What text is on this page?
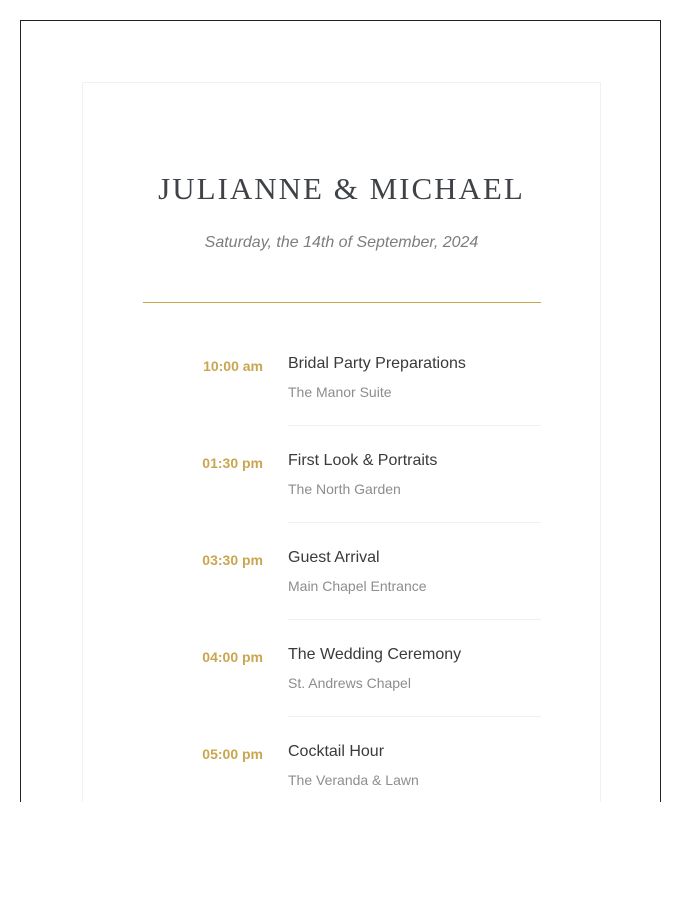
JULIANNE & MICHAEL
Saturday, the 14th of September, 2024
10:00 am Bridal Party Preparations
The Manor Suite
01:30 pm First Look & Portraits
The North Garden
03:30 pm Guest Arrival
Main Chapel Entrance
04:00 pm The Wedding Ceremony
St. Andrews Chapel
05:00 pm Cocktail Hour
The Veranda & Lawn
